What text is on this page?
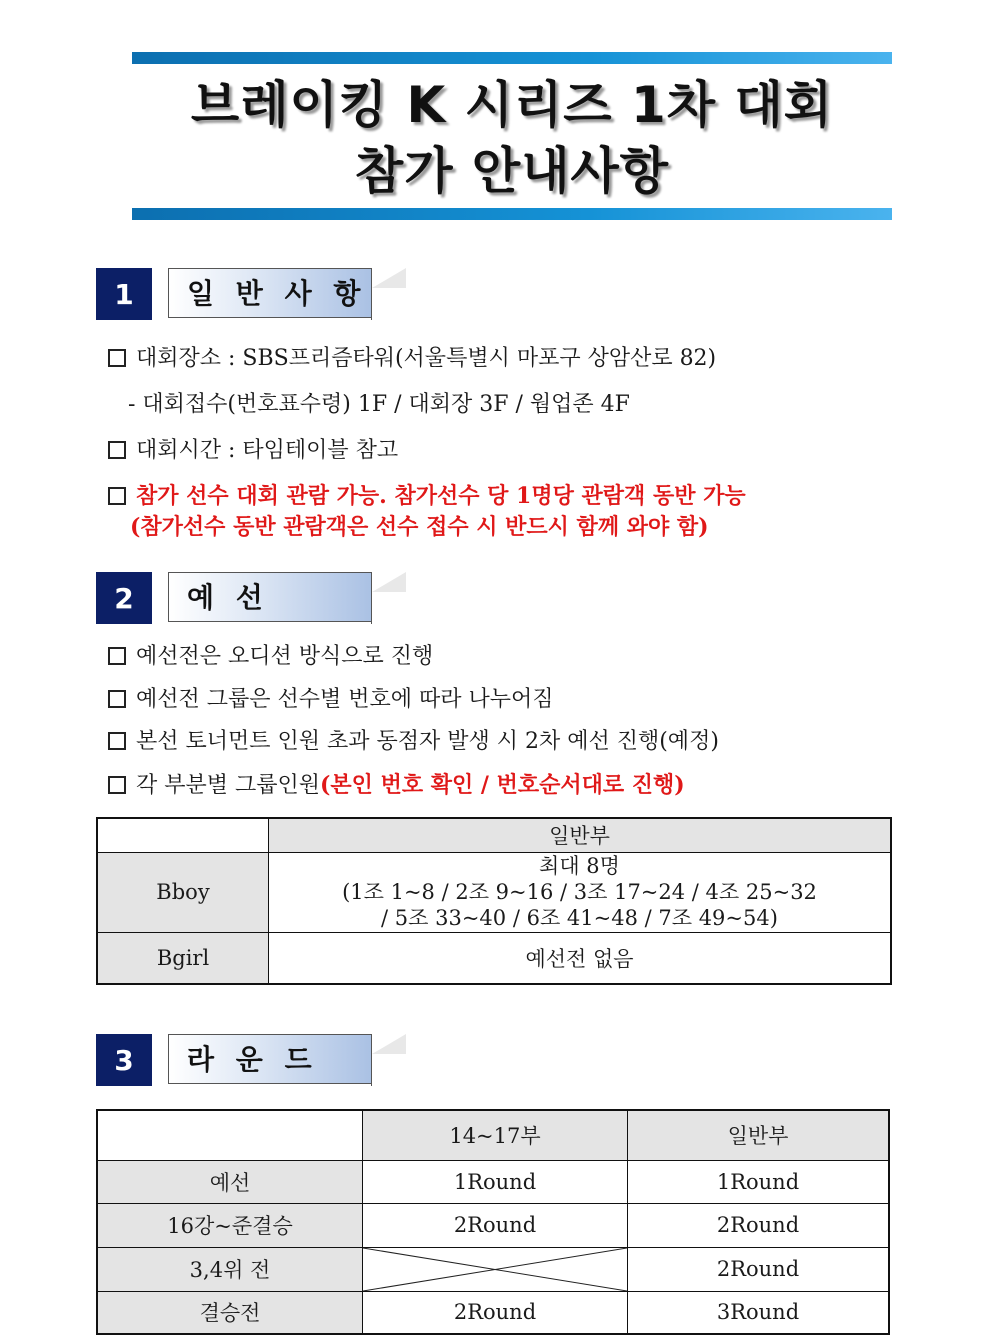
브레이킹 K 시리즈 1차 대회
참가 안내사항
1	일 반 사 항
대회장소 : SBS프리즘타워(서울특별시 마포구 상암산로 82)
- 대회접수(번호표수령) 1F / 대회장 3F / 웜업존 4F
대회시간 : 타임테이블 참고
참가 선수 대회 관람 가능. 참가선수 당 1명당 관람객 동반 가능
(참가선수 동반 관람객은 선수 접수 시 반드시 함께 와야 함)
2	예 선
예선전은 오디션 방식으로 진행
예선전 그룹은 선수별 번호에 따라 나누어짐
본선 토너먼트 인원 초과 동점자 발생 시 2차 예선 진행(예정)
각 부분별 그룹인원(본인 번호 확인 / 번호순서대로 진행)
	일반부
Bboy	최대 8명
(1조 1~8 / 2조 9~16 / 3조 17~24 / 4조 25~32
/ 5조 33~40 / 6조 41~48 / 7조 49~54)

Bgirl	예선전 없음
3	라 운 드
	14~17부	일반부
예선	1Round	1Round
16강~준결승	2Round	2Round
3,4위 전		2Round
결승전	2Round	3Round
